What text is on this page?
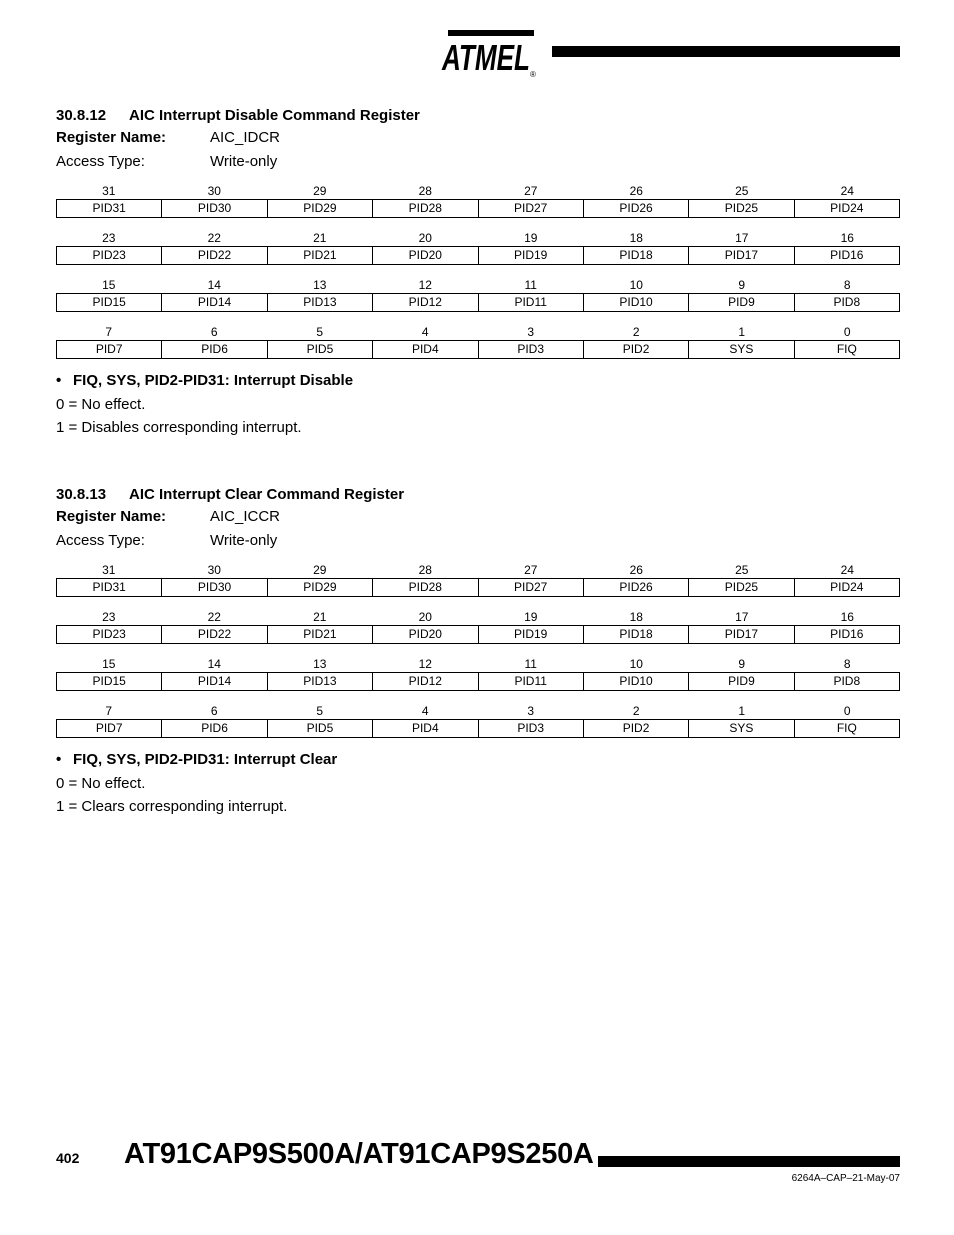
ATMEL ®
30.8.12 AIC Interrupt Disable Command Register
Register Name:	AIC_IDCR
Access Type:	Write-only
31	30	29	28	27	26	25	24
PID31	PID30	PID29	PID28	PID27	PID26	PID25	PID24
23	22	21	20	19	18	17	16
PID23	PID22	PID21	PID20	PID19	PID18	PID17	PID16
15	14	13	12	11	10	9	8
PID15	PID14	PID13	PID12	PID11	PID10	PID9	PID8
7	6	5	4	3	2	1	0
PID7	PID6	PID5	PID4	PID3	PID2	SYS	FIQ
• FIQ, SYS, PID2-PID31: Interrupt Disable
0 = No effect.
1 = Disables corresponding interrupt.
30.8.13 AIC Interrupt Clear Command Register
Register Name:	AIC_ICCR
Access Type:	Write-only
31	30	29	28	27	26	25	24
PID31	PID30	PID29	PID28	PID27	PID26	PID25	PID24
23	22	21	20	19	18	17	16
PID23	PID22	PID21	PID20	PID19	PID18	PID17	PID16
15	14	13	12	11	10	9	8
PID15	PID14	PID13	PID12	PID11	PID10	PID9	PID8
7	6	5	4	3	2	1	0
PID7	PID6	PID5	PID4	PID3	PID2	SYS	FIQ
• FIQ, SYS, PID2-PID31: Interrupt Clear
0 = No effect.
1 = Clears corresponding interrupt.
402 AT91CAP9S500A/AT91CAP9S250A
6264A–CAP–21-May-07
